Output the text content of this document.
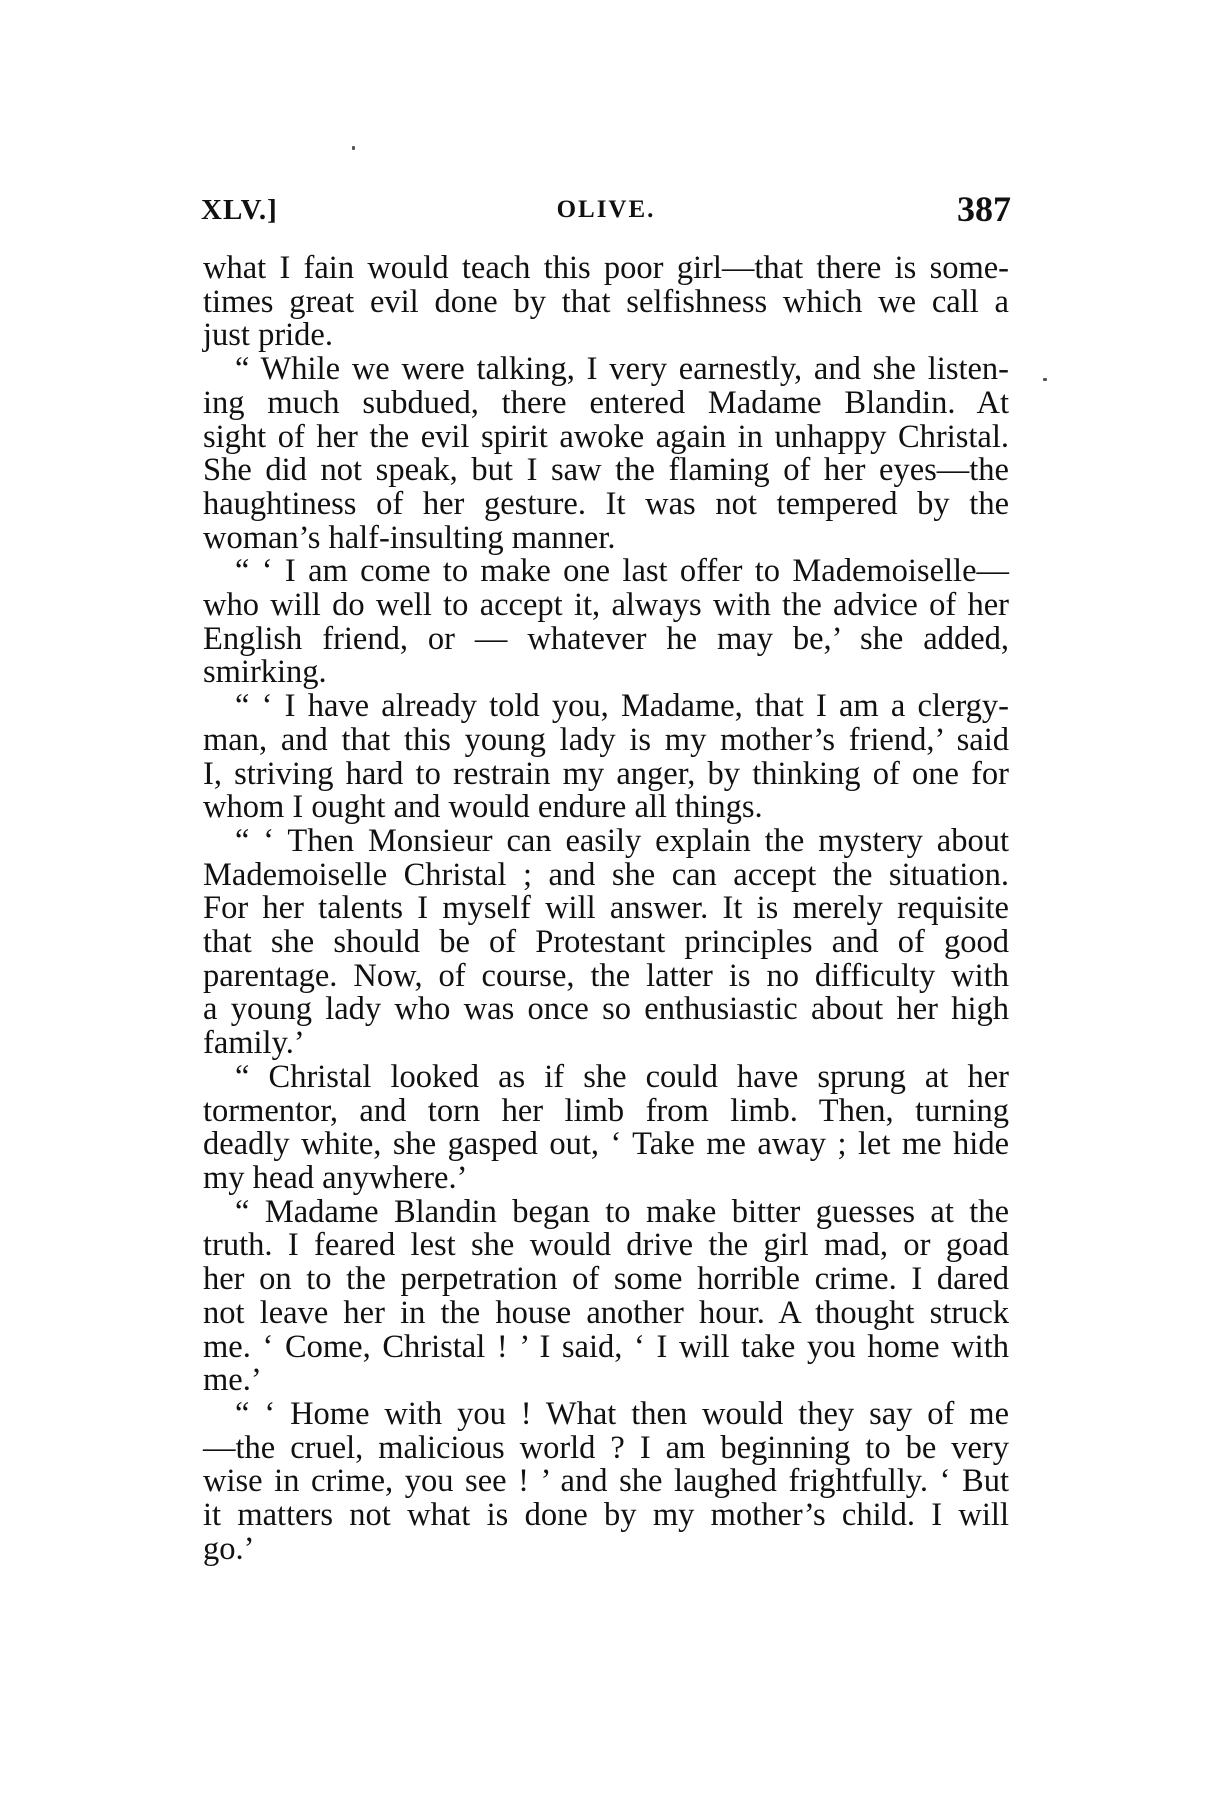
XLV.]	OLIVE.	387
what I fain would teach this poor girl—that there is some-
times great evil done by that selfishness which we call a
just pride.
“ While we were talking, I very earnestly, and she listen-
ing much subdued, there entered Madame Blandin. At
sight of her the evil spirit awoke again in unhappy Christal.
She did not speak, but I saw the flaming of her eyes—the
haughtiness of her gesture. It was not tempered by the
woman’s half-insulting manner.
“ ‘ I am come to make one last offer to Mademoiselle—
who will do well to accept it, always with the advice of her
English friend, or — whatever he may be,’ she added,
smirking.
“ ‘ I have already told you, Madame, that I am a clergy-
man, and that this young lady is my mother’s friend,’ said
I, striving hard to restrain my anger, by thinking of one for
whom I ought and would endure all things.
“ ‘ Then Monsieur can easily explain the mystery about
Mademoiselle Christal ; and she can accept the situation.
For her talents I myself will answer. It is merely requisite
that she should be of Protestant principles and of good
parentage. Now, of course, the latter is no difficulty with
a young lady who was once so enthusiastic about her high
family.’
“ Christal looked as if she could have sprung at her
tormentor, and torn her limb from limb. Then, turning
deadly white, she gasped out, ‘ Take me away ; let me hide
my head anywhere.’
“ Madame Blandin began to make bitter guesses at the
truth. I feared lest she would drive the girl mad, or goad
her on to the perpetration of some horrible crime. I dared
not leave her in the house another hour. A thought struck
me. ‘ Come, Christal ! ’ I said, ‘ I will take you home with
me.’
“ ‘ Home with you ! What then would they say of me
—the cruel, malicious world ? I am beginning to be very
wise in crime, you see ! ’ and she laughed frightfully. ‘ But
it matters not what is done by my mother’s child. I will
go.’
